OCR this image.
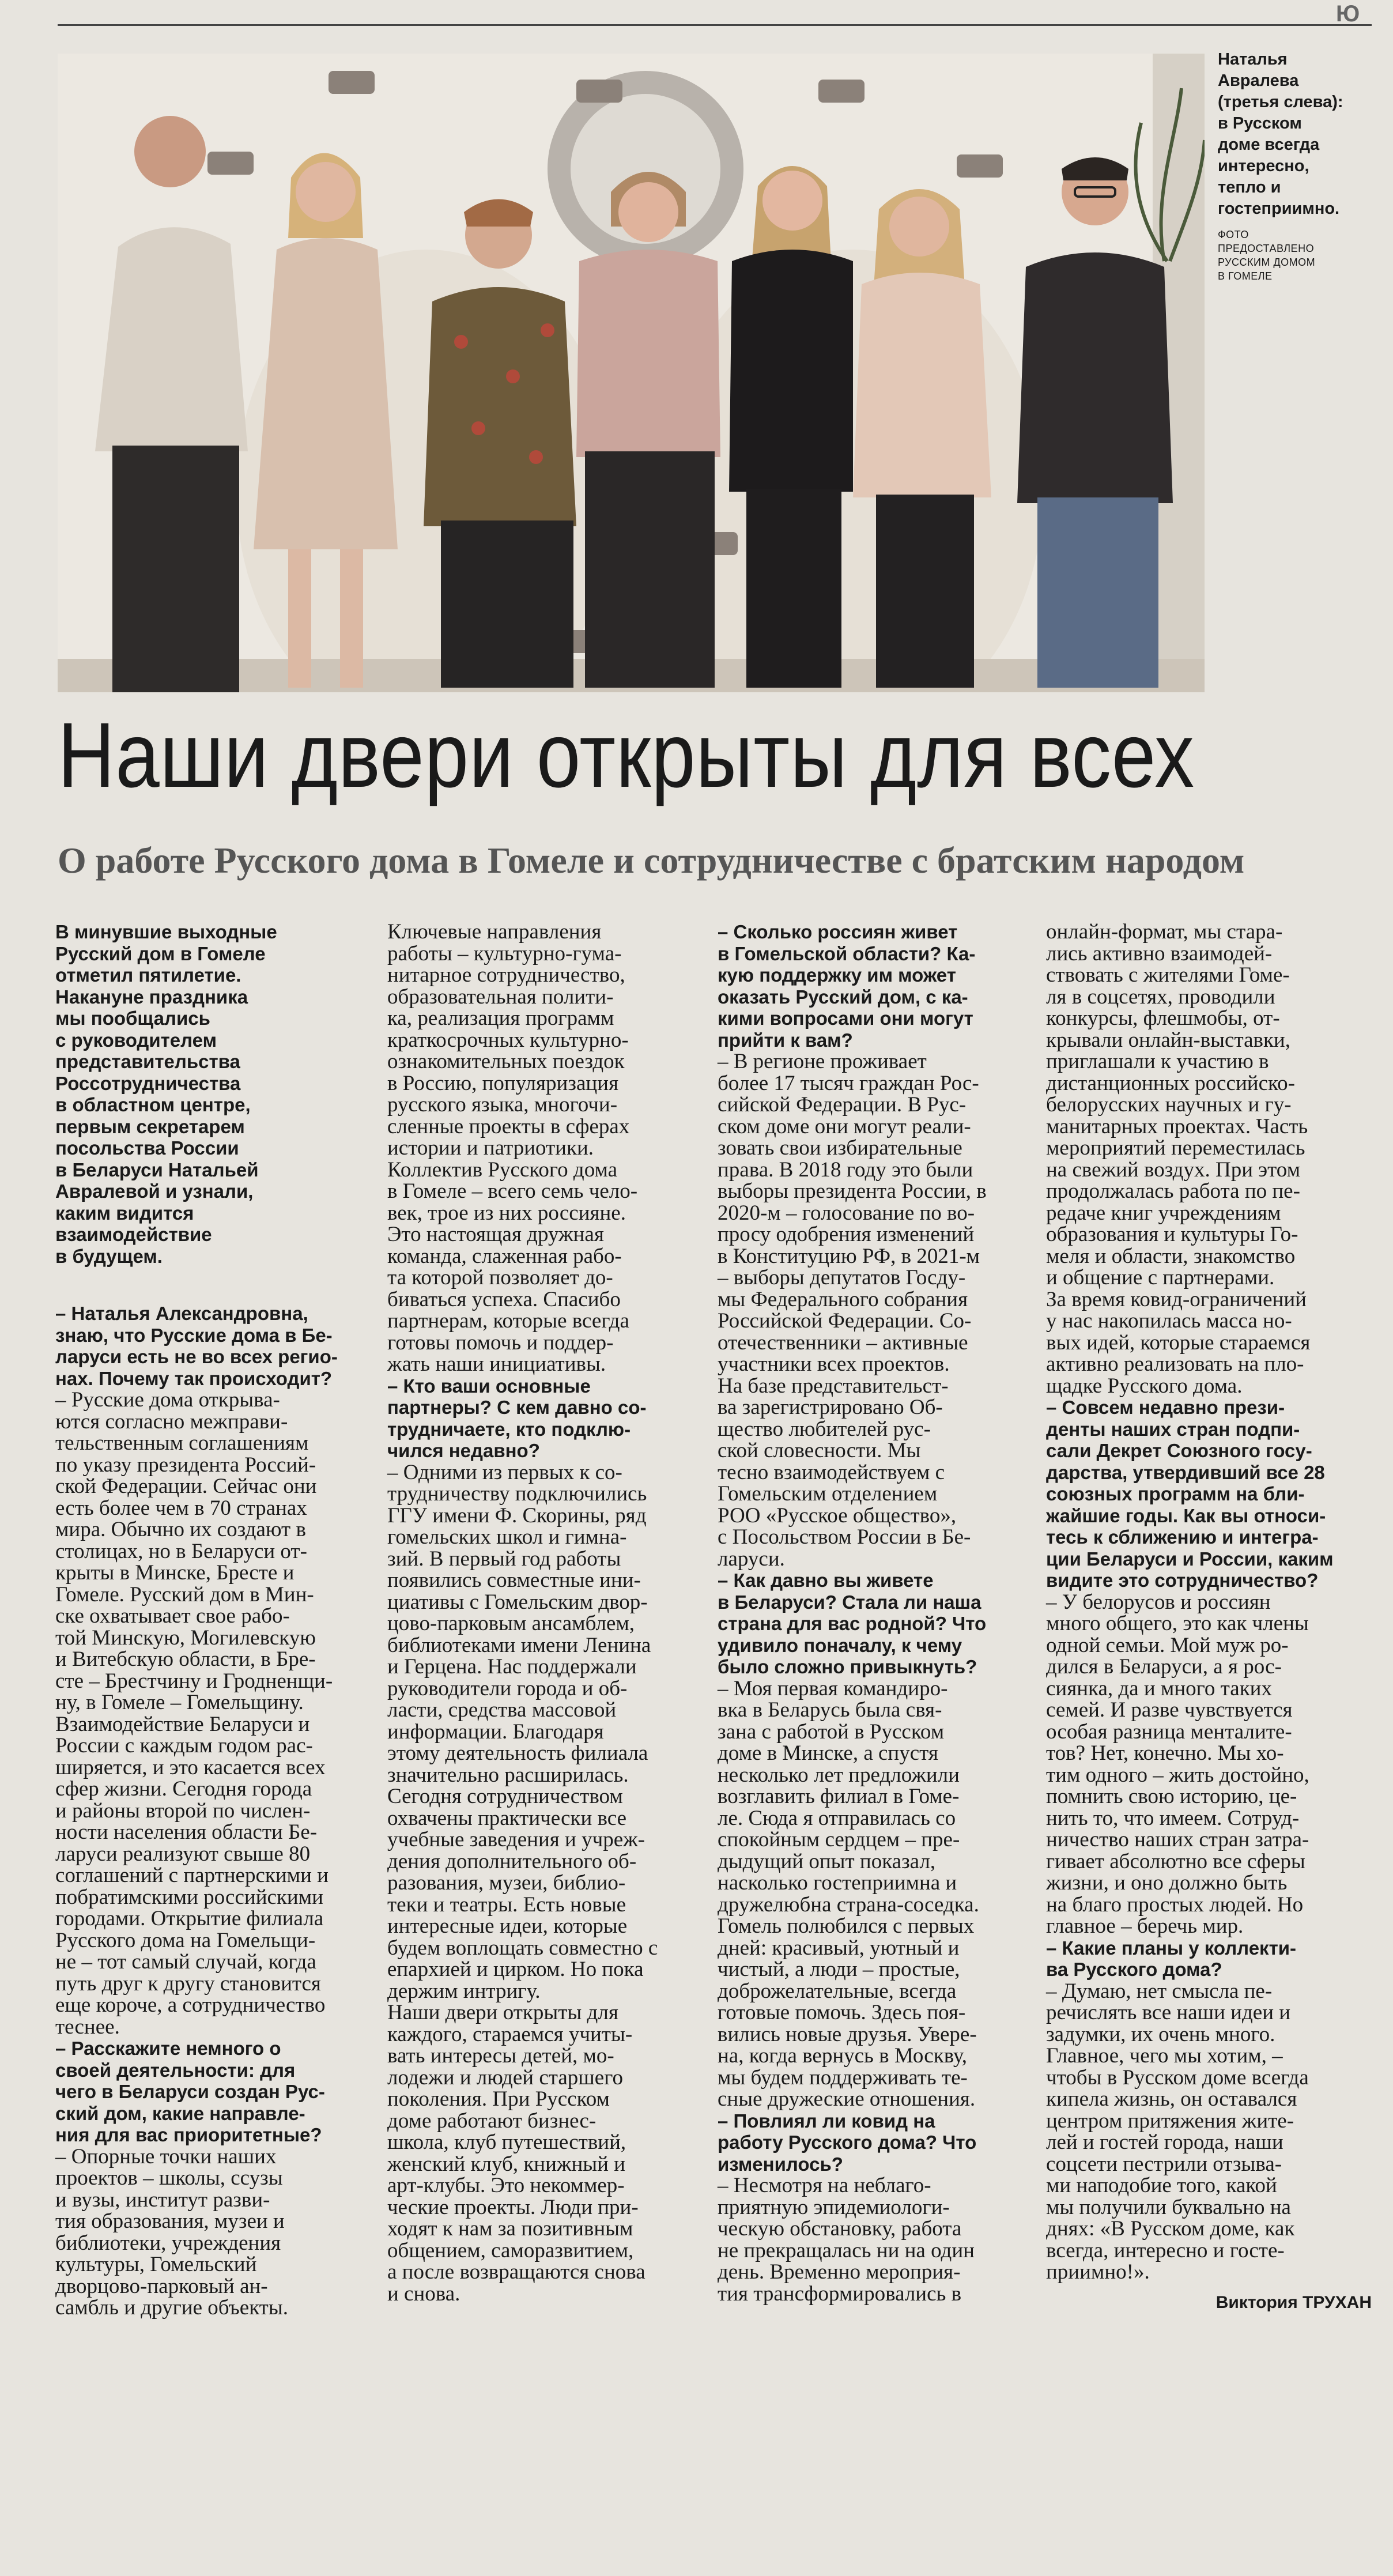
Ю

Наталья
Авралева
(третья слева):
в Русском
доме всегда
интересно,
тепло и
гостеприимно.

ФОТО
ПРЕДОСТАВЛЕНО
РУССКИМ ДОМОМ
В ГОМЕЛЕ

Наши двери открыты для всех
О работе Русского дома в Гомеле и сотрудничестве с братским народом

В минувшие выходные
Русский дом в Гомеле
отметил пятилетие.
Накануне праздника
мы пообщались
с руководителем
представительства
Россотрудничества
в областном центре,
первым секретарем
посольства России
в Беларуси Натальей
Авралевой и узнали,
каким видится
взаимодействие
в будущем.

– Наталья Александровна,
знаю, что Русские дома в Бе-
ларуси есть не во всех регио-
нах. Почему так происходит?

– Русские дома открыва-
ются согласно межправи-
тельственным соглашениям
по указу президента Россий-
ской Федерации. Сейчас они
есть более чем в 70 странах
мира. Обычно их создают в
столицах, но в Беларуси от-
крыты в Минске, Бресте и
Гомеле. Русский дом в Мин-
ске охватывает свое рабо-
той Минскую, Могилевскую
и Витебскую области, в Бре-
сте – Брестчину и Гродненщи-
ну, в Гомеле – Гомельщину.
Взаимодействие Беларуси и
России с каждым годом рас-
ширяется, и это касается всех
сфер жизни. Сегодня города
и районы второй по числен-
ности населения области Бе-
ларуси реализуют свыше 80
соглашений с партнерскими и
побратимскими российскими
городами. Открытие филиала
Русского дома на Гомельщи-
не – тот самый случай, когда
путь друг к другу становится
еще короче, а сотрудничество
теснее.

– Расскажите немного о
своей деятельности: для
чего в Беларуси создан Рус-
ский дом, какие направле-
ния для вас приоритетные?

– Опорные точки наших
проектов – школы, ссузы
и вузы, институт разви-
тия образования, музеи и
библиотеки, учреждения
культуры, Гомельский
дворцово-парковый ан-
самбль и другие объекты.

Ключевые направления
работы – культурно-гума-
нитарное сотрудничество,
образовательная полити-
ка, реализация программ
краткосрочных культурно-
ознакомительных поездок
в Россию, популяризация
русского языка, многочи-
сленные проекты в сферах
истории и патриотики.
Коллектив Русского дома
в Гомеле – всего семь чело-
век, трое из них россияне.
Это настоящая дружная
команда, слаженная рабо-
та которой позволяет до-
биваться успеха. Спасибо
партнерам, которые всегда
готовы помочь и поддер-
жать наши инициативы.

– Кто ваши основные
партнеры? С кем давно со-
трудничаете, кто подклю-
чился недавно?

– Одними из первых к со-
трудничеству подключились
ГГУ имени Ф. Скорины, ряд
гомельских школ и гимна-
зий. В первый год работы
появились совместные ини-
циативы с Гомельским двор-
цово-парковым ансамблем,
библиотеками имени Ленина
и Герцена. Нас поддержали
руководители города и об-
ласти, средства массовой
информации. Благодаря
этому деятельность филиала
значительно расширилась.
Сегодня сотрудничеством
охвачены практически все
учебные заведения и учреж-
дения дополнительного об-
разования, музеи, библио-
теки и театры. Есть новые
интересные идеи, которые
будем воплощать совместно с
епархией и цирком. Но пока
держим интригу.
Наши двери открыты для
каждого, стараемся учиты-
вать интересы детей, мо-
лодежи и людей старшего
поколения. При Русском
доме работают бизнес-
школа, клуб путешествий,
женский клуб, книжный и
арт-клубы. Это некоммер-
ческие проекты. Люди при-
ходят к нам за позитивным
общением, саморазвитием,
а после возвращаются снова
и снова.

– Сколько россиян живет
в Гомельской области? Ка-
кую поддержку им может
оказать Русский дом, с ка-
кими вопросами они могут
прийти к вам?

– В регионе проживает
более 17 тысяч граждан Рос-
сийской Федерации. В Рус-
ском доме они могут реали-
зовать свои избирательные
права. В 2018 году это были
выборы президента России, в
2020-м – голосование по во-
просу одобрения изменений
в Конституцию РФ, в 2021-м
– выборы депутатов Госду-
мы Федерального собрания
Российской Федерации. Со-
отечественники – активные
участники всех проектов.
На базе представительст-
ва зарегистрировано Об-
щество любителей рус-
ской словесности. Мы
тесно взаимодействуем с
Гомельским отделением
РОО «Русское общество»,
с Посольством России в Бе-
ларуси.

– Как давно вы живете
в Беларуси? Стала ли наша
страна для вас родной? Что
удивило поначалу, к чему
было сложно привыкнуть?

– Моя первая командиро-
вка в Беларусь была свя-
зана с работой в Русском
доме в Минске, а спустя
несколько лет предложили
возглавить филиал в Гоме-
ле. Сюда я отправилась со
спокойным сердцем – пре-
дыдущий опыт показал,
насколько гостеприимна и
дружелюбна страна-соседка.
Гомель полюбился с первых
дней: красивый, уютный и
чистый, а люди – простые,
доброжелательные, всегда
готовые помочь. Здесь поя-
вились новые друзья. Увере-
на, когда вернусь в Москву,
мы будем поддерживать те-
сные дружеские отношения.

– Повлиял ли ковид на
работу Русского дома? Что
изменилось?

– Несмотря на неблаго-
приятную эпидемиологи-
ческую обстановку, работа
не прекращалась ни на один
день. Временно мероприя-
тия трансформировались в

онлайн-формат, мы стара-
лись активно взаимодей-
ствовать с жителями Гоме-
ля в соцсетях, проводили
конкурсы, флешмобы, от-
крывали онлайн-выставки,
приглашали к участию в
дистанционных российско-
белорусских научных и гу-
манитарных проектах. Часть
мероприятий переместилась
на свежий воздух. При этом
продолжалась работа по пе-
редаче книг учреждениям
образования и культуры Го-
меля и области, знакомство
и общение с партнерами.
За время ковид-ограничений
у нас накопилась масса но-
вых идей, которые стараемся
активно реализовать на пло-
щадке Русского дома.

– Совсем недавно прези-
денты наших стран подпи-
сали Декрет Союзного госу-
дарства, утвердивший все 28
союзных программ на бли-
жайшие годы. Как вы относи-
тесь к сближению и интегра-
ции Беларуси и России, каким
видите это сотрудничество?

– У белорусов и россиян
много общего, это как члены
одной семьи. Мой муж ро-
дился в Беларуси, а я рос-
сиянка, да и много таких
семей. И разве чувствуется
особая разница менталите-
тов? Нет, конечно. Мы хо-
тим одного – жить достойно,
помнить свою историю, це-
нить то, что имеем. Сотруд-
ничество наших стран затра-
гивает абсолютно все сферы
жизни, и оно должно быть
на благо простых людей. Но
главное – беречь мир.

– Какие планы у коллекти-
ва Русского дома?

– Думаю, нет смысла пе-
речислять все наши идеи и
задумки, их очень много.
Главное, чего мы хотим, –
чтобы в Русском доме всегда
кипела жизнь, он оставался
центром притяжения жите-
лей и гостей города, наши
соцсети пестрили отзыва-
ми наподобие того, какой
мы получили буквально на
днях: «В Русском доме, как
всегда, интересно и госте-
приимно!».

Виктория ТРУХАН
